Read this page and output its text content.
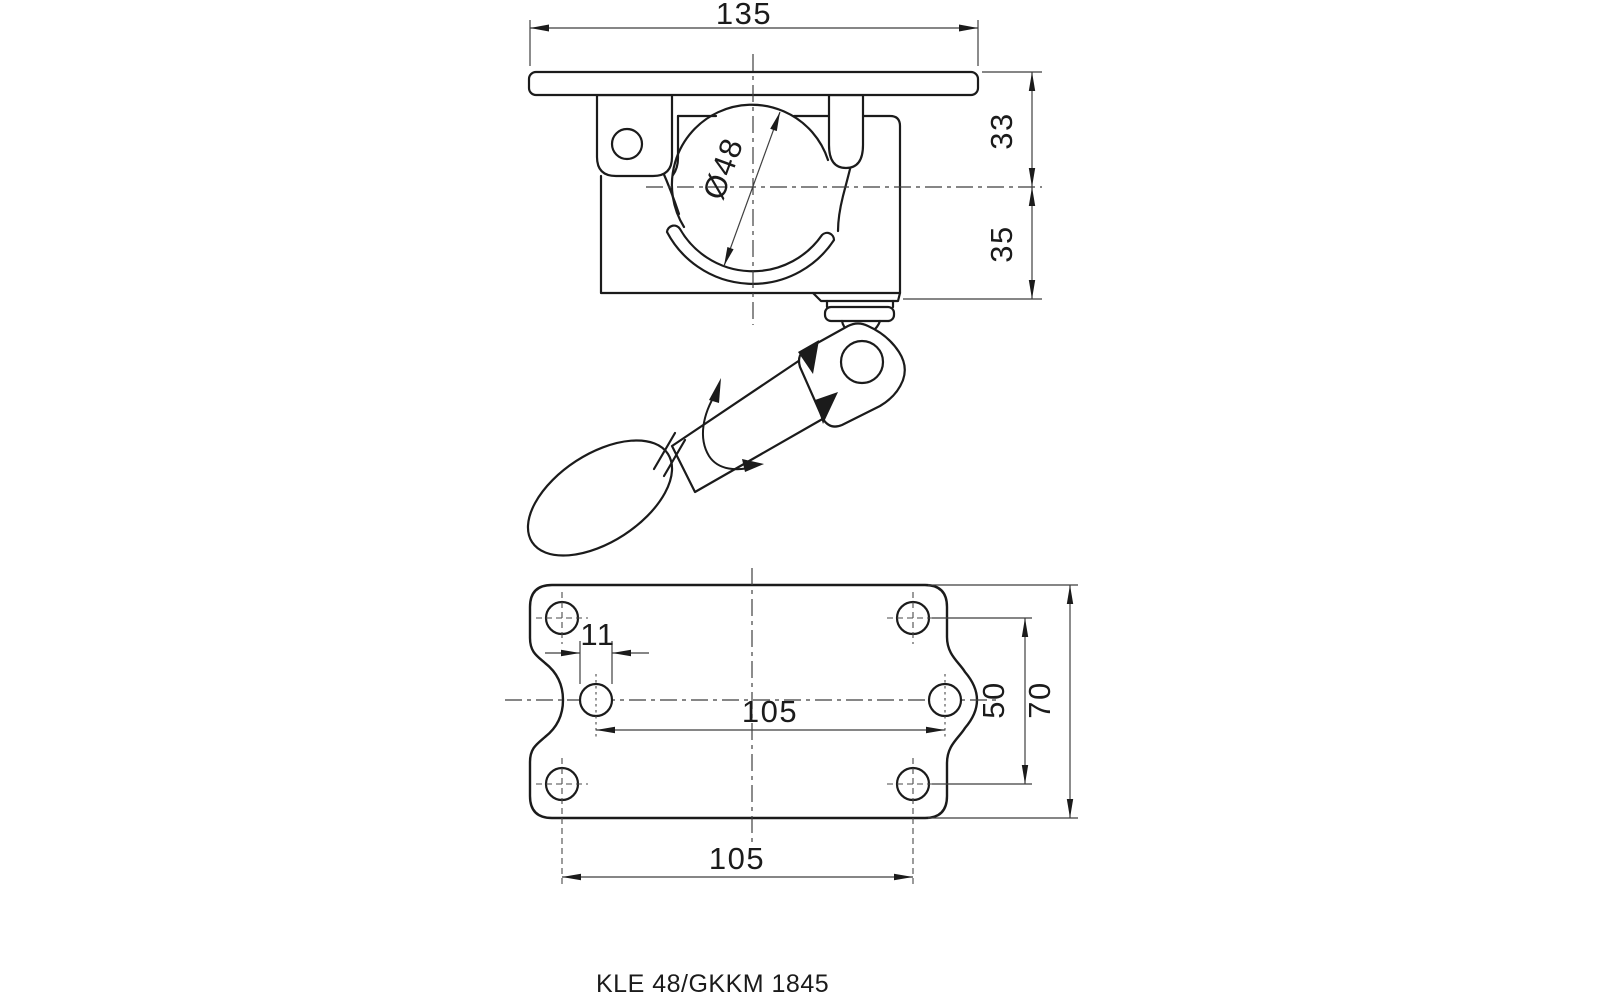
135
33
35
Ø48
11
105	50 70
105
KLE 48/GKKM 1845
